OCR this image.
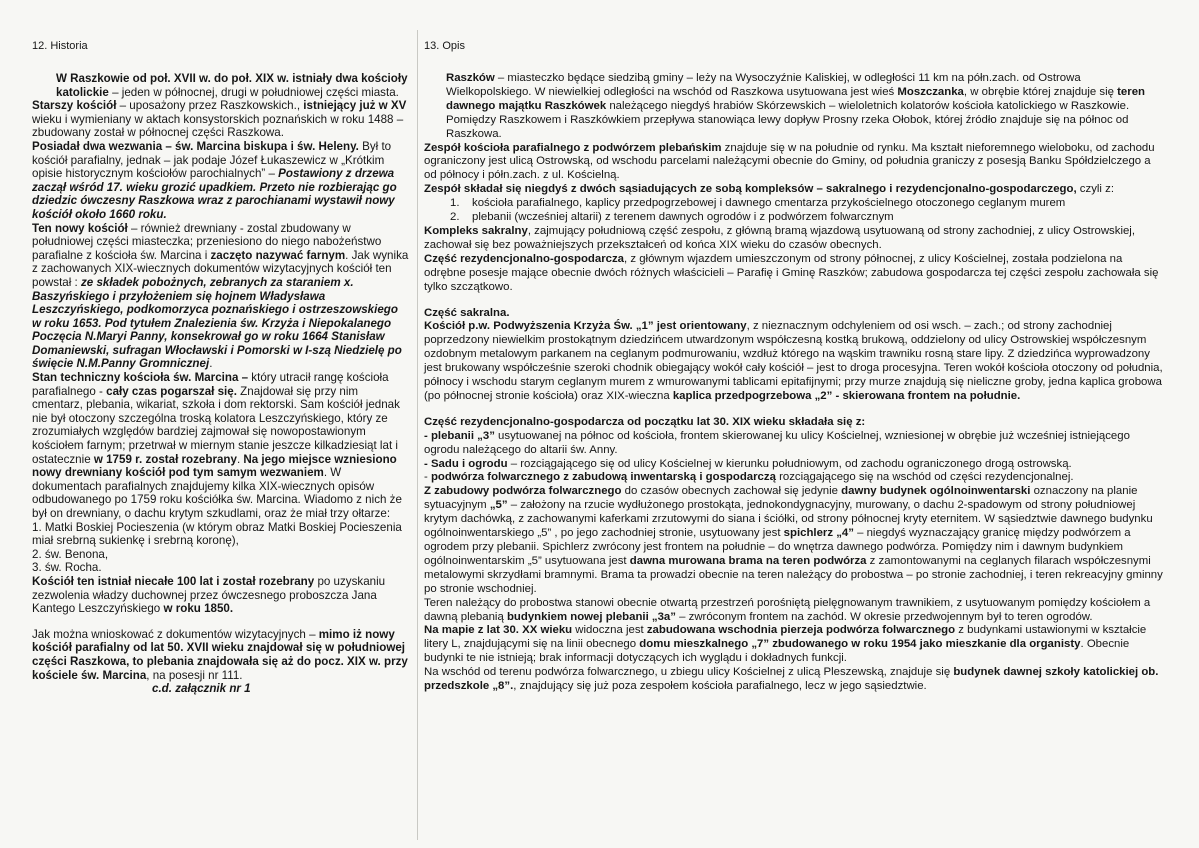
12. Historia

W Raszkowie od poł. XVII w. do poł. XIX w. istniały dwa kościoły katolickie – jeden w północnej, drugi w południowej części miasta.

Starszy kościół – uposażony przez Raszkowskich., istniejący już w XV wieku i wymieniany w aktach konsystorskich poznańskich w roku 1488 – zbudowany został w północnej części Raszkowa.

Posiadał dwa wezwania – św. Marcina biskupa i św. Heleny. Był to kościół parafialny, jednak – jak podaje Józef Łukaszewicz w „Krótkim opisie historycznym kościołów parochialnych” – Postawiony z drzewa zaczął wśród 17. wieku grozić upadkiem. Przeto nie rozbierając go dziedzic ówczesny Raszkowa wraz z parochianami wystawił nowy kościół około 1660 roku.

Ten nowy kościół – również drewniany - zostal zbudowany w południowej części miasteczka; przeniesiono do niego nabożeństwo parafialne z kościoła św. Marcina i zaczęto nazywać farnym. Jak wynika z zachowanych XIX-wiecznych dokumentów wizytacyjnych kościół ten powstał : ze składek pobożnych, zebranych za staraniem x. Baszyńskiego i przyłożeniem się hojnem Władysława Leszczyńskiego, podkomorzyca poznańskiego i ostrzeszowskiego w roku 1653. Pod tytułem Znalezienia św. Krzyża i Niepokalanego Poczęcia N.Maryi Panny, konsekrował go w roku 1664 Stanisław Domaniewski, sufragan Włocławski i Pomorski w I-szą Niedzielę po święcie N.M.Panny Gromnicznej.

Stan techniczny kościoła św. Marcina – który utracił rangę kościoła parafialnego - cały czas pogarszał się. Znajdował się przy nim cmentarz, plebania, wikariat, szkoła i dom rektorski. Sam kościół jednak nie był otoczony szczególna troską kolatora Leszczyńskiego, który ze zrozumiałych względów bardziej zajmował się nowopostawionym kościołem farnym; przetrwał w miernym stanie jeszcze kilkadziesiąt lat i ostatecznie w 1759 r. został rozebrany. Na jego miejsce wzniesiono nowy drewniany kościół pod tym samym wezwaniem. W dokumentach parafialnych znajdujemy kilka XIX-wiecznych opisów odbudowanego po 1759 roku kościółka św. Marcina. Wiadomo z nich że był on drewniany, o dachu krytym szkudlami, oraz że miał trzy ołtarze:

1. Matki Boskiej Pocieszenia (w którym obraz Matki Boskiej Pocieszenia miał srebrną sukienkę i srebrną koronę),

2. św. Benona,

3. św. Rocha.

Kościół ten istniał niecałe 100 lat i został rozebrany po uzyskaniu zezwolenia władzy duchownej przez ówczesnego proboszcza Jana Kantego Leszczyńskiego w roku 1850.

Jak można wnioskować z dokumentów wizytacyjnych – mimo iż nowy kościół parafialny od lat 50. XVII wieku znajdował się w południowej części Raszkowa, to plebania znajdowała się aż do pocz. XIX w. przy kościele św. Marcina, na posesji nr 111.

c.d. załącznik nr 1

13. Opis

Raszków – miasteczko będące siedzibą gminy – leży na Wysoczyźnie Kaliskiej, w odległości 11 km na półn.zach. od Ostrowa Wielkopolskiego. W niewielkiej odległości na wschód od Raszkowa usytuowana jest wieś Moszczanka, w obrębie której znajduje się teren dawnego majątku Raszkówek należącego niegdyś hrabiów Skórzewskich – wieloletnich kolatorów kościoła katolickiego w Raszkowie. Pomiędzy Raszkowem i Raszkówkiem przepływa stanowiąca lewy dopływ Prosny rzeka Ołobok, której źródło znajduje się na północ od Raszkowa.

Zespół kościoła parafialnego z podwórzem plebańskim znajduje się w na południe od rynku. Ma kształt nieforemnego wieloboku, od zachodu ograniczony jest ulicą Ostrowską, od wschodu parcelami należącymi obecnie do Gminy, od południa graniczy z posesją Banku Spółdzielczego a od północy i półn.zach. z ul. Kościelną.

Zespół składał się niegdyś z dwóch sąsiadujących ze sobą kompleksów – sakralnego i rezydencjonalno-gospodarczego, czyli z:

1. kościoła parafialnego, kaplicy przedpogrzebowej i dawnego cmentarza przykościelnego otoczonego ceglanym murem

2. plebanii (wcześniej altarii) z terenem dawnych ogrodów i z podwórzem folwarcznym

Kompleks sakralny, zajmujący południową część zespołu, z główną bramą wjazdową usytuowaną od strony zachodniej, z ulicy Ostrowskiej, zachował się bez poważniejszych przekształceń od końca XIX wieku do czasów obecnych.

Część rezydencjonalno-gospodarcza, z głównym wjazdem umieszczonym od strony północnej, z ulicy Kościelnej, została podzielona na odrębne posesje mające obecnie dwóch różnych właścicieli – Parafię i Gminę Raszków; zabudowa gospodarcza tej części zespołu zachowała się tylko szczątkowo.

Część sakralna.

Kościół p.w. Podwyższenia Krzyża Św. „1” jest orientowany, z nieznacznym odchyleniem od osi wsch. – zach.; od strony zachodniej poprzedzony niewielkim prostokątnym dziedzińcem utwardzonym współczesną kostką brukową, oddzielony od ulicy Ostrowskiej współczesnym ozdobnym metalowym parkanem na ceglanym podmurowaniu, wzdłuż którego na wąskim trawniku rosną stare lipy. Z dziedzińca wyprowadzony jest brukowany współcześnie szeroki chodnik obiegający wokół cały kościół – jest to droga procesyjna. Teren wokół kościoła otoczony od południa, północy i wschodu starym ceglanym murem z wmurowanymi tablicami epitafijnymi; przy murze znajdują się nieliczne groby, jedna kaplica grobowa (po północnej stronie kościoła) oraz XIX-wieczna kaplica przedpogrzebowa „2” - skierowana frontem na południe.

Część rezydencjonalno-gospodarcza od początku lat 30. XIX wieku składała się z:

- plebanii „3” usytuowanej na północ od kościoła, frontem skierowanej ku ulicy Kościelnej, wzniesionej w obrębie już wcześniej istniejącego ogrodu należącego do altarii św. Anny.

- Sadu i ogrodu – rozciągającego się od ulicy Kościelnej w kierunku południowym, od zachodu ograniczonego drogą ostrowską.

- podwórza folwarcznego z zabudową inwentarską i gospodarczą rozciągającego się na wschód od części rezydencjonalnej.

Z zabudowy podwórza folwarcznego do czasów obecnych zachował się jedynie dawny budynek ogólnoinwentarski oznaczony na planie sytuacyjnym „5” – założony na rzucie wydłużonego prostokąta, jednokondygnacyjny, murowany, o dachu 2-spadowym od strony południowej krytym dachówką, z zachowanymi kaferkami zrzutowymi do siana i ściółki, od strony północnej kryty eternitem. W sąsiedztwie dawnego budynku ogólnoinwentarskiego „5” , po jego zachodniej stronie, usytuowany jest spichlerz „4” – niegdyś wyznaczający granicę między podwórzem a ogrodem przy plebanii. Spichlerz zwrócony jest frontem na południe – do wnętrza dawnego podwórza. Pomiędzy nim i dawnym budynkiem ogólnoinwentarskim „5” usytuowana jest dawna murowana brama na teren podwórza z zamontowanymi na ceglanych filarach współczesnymi metalowymi skrzydłami bramnymi. Brama ta prowadzi obecnie na teren należący do probostwa – po stronie zachodniej, i teren rekreacyjny gminny po stronie wschodniej.

Teren należący do probostwa stanowi obecnie otwartą przestrzeń porośniętą pielęgnowanym trawnikiem, z usytuowanym pomiędzy kościołem a dawną plebanią budynkiem nowej plebanii „3a” – zwróconym frontem na zachód. W okresie przedwojennym był to teren ogrodów.

Na mapie z lat 30. XX wieku widoczna jest zabudowana wschodnia pierzeja podwórza folwarcznego z budynkami ustawionymi w kształcie litery L, znajdującymi się na linii obecnego domu mieszkalnego „7” zbudowanego w roku 1954 jako mieszkanie dla organisty. Obecnie budynki te nie istnieją; brak informacji dotyczących ich wyglądu i dokładnych funkcji.

Na wschód od terenu podwórza folwarcznego, u zbiegu ulicy Kościelnej z ulicą Pleszewską, znajduje się budynek dawnej szkoły katolickiej ob. przedszkole „8”., znajdujący się już poza zespołem kościoła parafialnego, lecz w jego sąsiedztwie.
